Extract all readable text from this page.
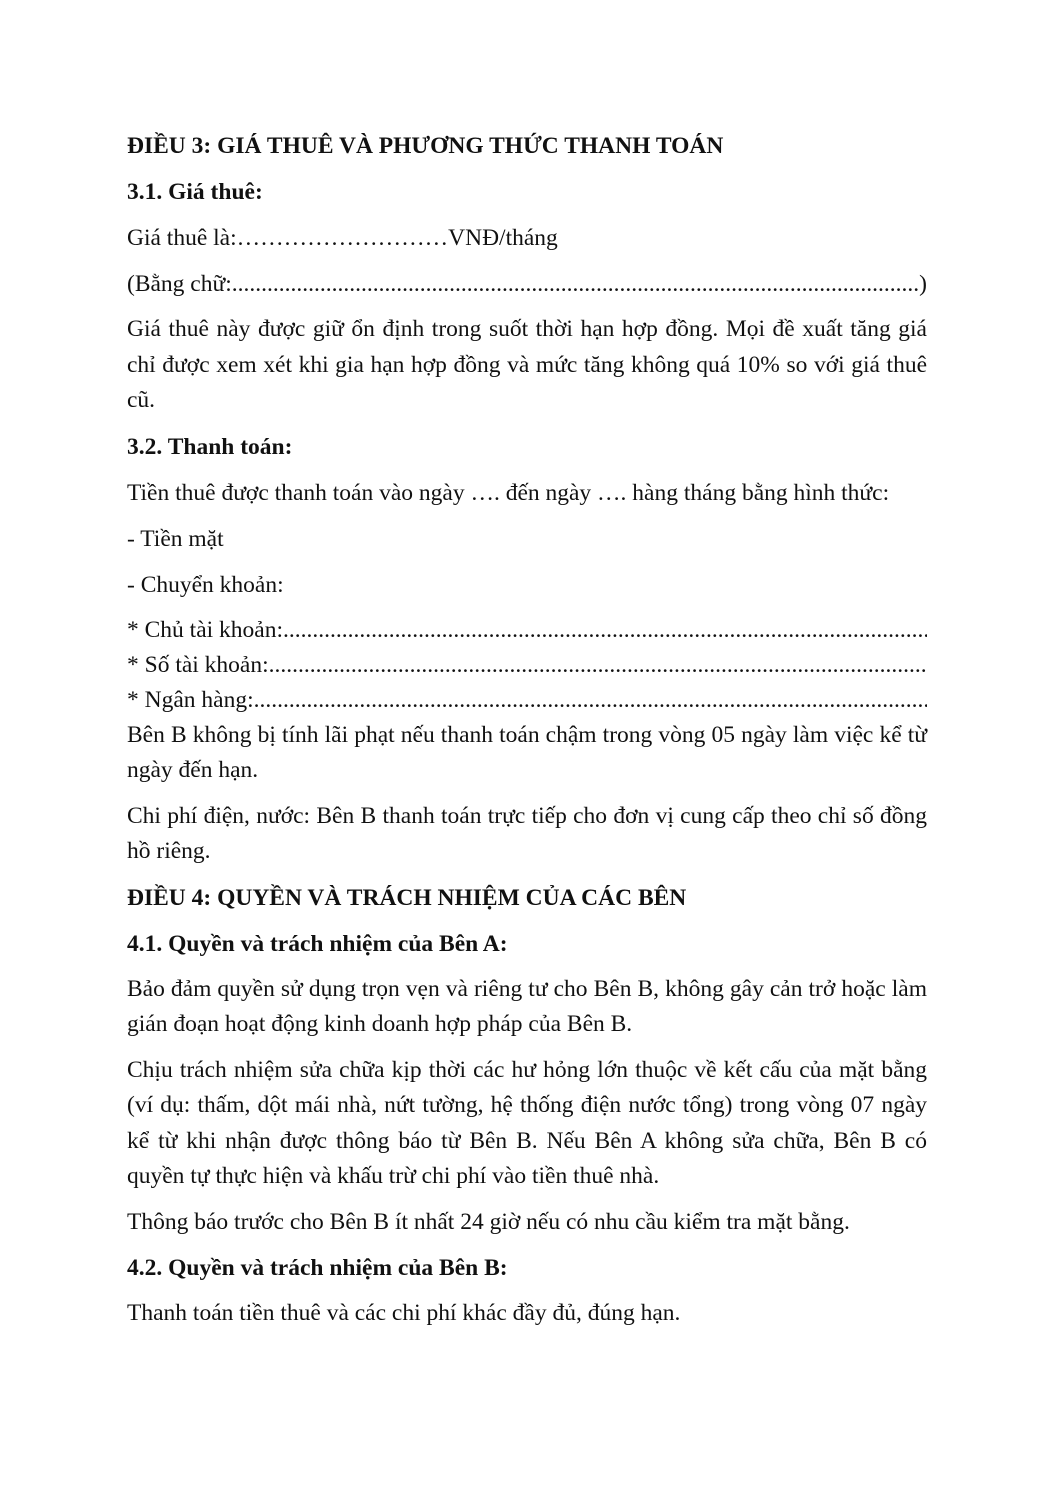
ĐIỀU 3: GIÁ THUÊ VÀ PHƯƠNG THỨC THANH TOÁN

3.1. Giá thuê:

Giá thuê là:………………………VNĐ/tháng

(Bằng chữ:
.....	)

Giá thuê này được giữ ổn định trong suốt thời hạn hợp đồng. Mọi đề xuất tăng giá chỉ được xem xét khi gia hạn hợp đồng và mức tăng không quá 10% so với giá thuê cũ.

3.2. Thanh toán:

Tiền thuê được thanh toán vào ngày …. đến ngày …. hàng tháng bằng hình thức:

- Tiền mặt

- Chuyển khoản:

* Chủ tài khoản:
.....
* Số tài khoản:
.....
* Ngân hàng:
.....

Bên B không bị tính lãi phạt nếu thanh toán chậm trong vòng 05 ngày làm việc kể từ ngày đến hạn.

Chi phí điện, nước: Bên B thanh toán trực tiếp cho đơn vị cung cấp theo chỉ số đồng hồ riêng.

ĐIỀU 4: QUYỀN VÀ TRÁCH NHIỆM CỦA CÁC BÊN

4.1. Quyền và trách nhiệm của Bên A:

Bảo đảm quyền sử dụng trọn vẹn và riêng tư cho Bên B, không gây cản trở hoặc làm gián đoạn hoạt động kinh doanh hợp pháp của Bên B.

Chịu trách nhiệm sửa chữa kịp thời các hư hỏng lớn thuộc về kết cấu của mặt bằng (ví dụ: thấm, dột mái nhà, nứt tường, hệ thống điện nước tổng) trong vòng 07 ngày kể từ khi nhận được thông báo từ Bên B. Nếu Bên A không sửa chữa, Bên B có quyền tự thực hiện và khấu trừ chi phí vào tiền thuê nhà.

Thông báo trước cho Bên B ít nhất 24 giờ nếu có nhu cầu kiểm tra mặt bằng.

4.2. Quyền và trách nhiệm của Bên B:

Thanh toán tiền thuê và các chi phí khác đầy đủ, đúng hạn.
